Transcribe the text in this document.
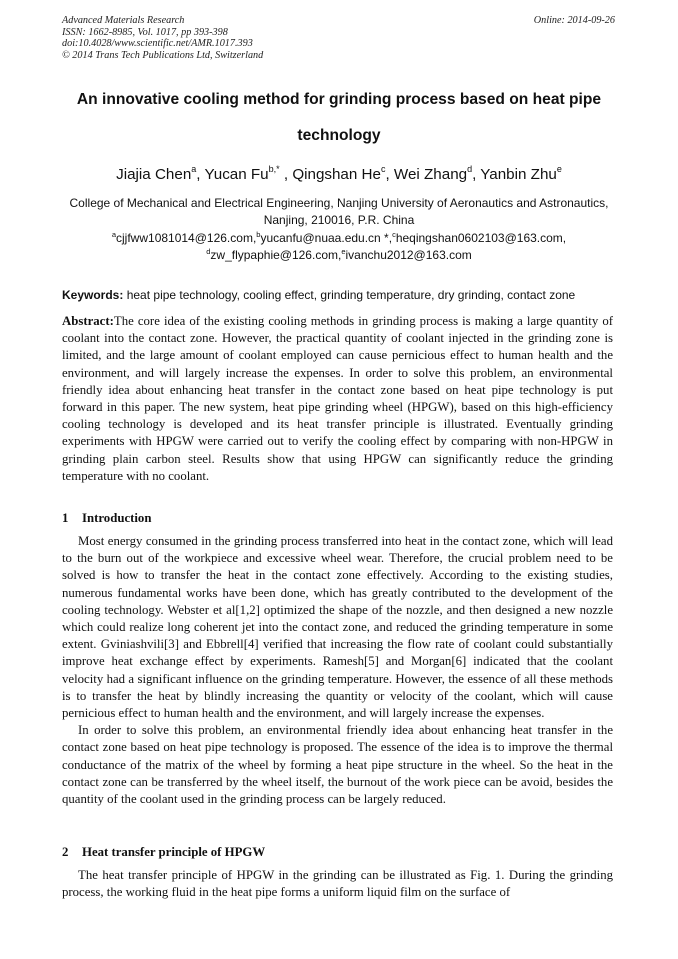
Advanced Materials Research
ISSN: 1662-8985, Vol. 1017, pp 393-398
doi:10.4028/www.scientific.net/AMR.1017.393
© 2014 Trans Tech Publications Ltd, Switzerland
Online: 2014-09-26
An innovative cooling method for grinding process based on heat pipe
technology
Jiajia Chen$^a$, Yucan $Fu^{b,*}$ , Qingshan He$^c$, Wei Zhang$^d$, Yanbin Zhu$^e$
College of Mechanical and Electrical Engineering, Nanjing University of Aeronautics and Astronautics, Nanjing, 210016, P.R. China
$^a$cjjfww1081014@126.com,$^b$yucanfu@nuaa.edu.cn *,$^c$heqingshan0602103@163.com,
$^d$zw_flypaphie@126.com,$^e$ivanchu2012@163.com
Keywords: heat pipe technology, cooling effect, grinding temperature, dry grinding, contact zone

Abstract:The core idea of the existing cooling methods in grinding process is making a large quantity of coolant into the contact zone. However, the practical quantity of coolant injected in the grinding zone is limited, and the large amount of coolant employed can cause pernicious effect to human health and the environment, and will largely increase the expenses. In order to solve this problem, an environmental friendly idea about enhancing heat transfer in the contact zone based on heat pipe technology is put forward in this paper. The new system, heat pipe grinding wheel (HPGW), based on this high-efficiency cooling technology is developed and its heat transfer principle is illustrated. Eventually grinding experiments with HPGW were carried out to verify the cooling effect by comparing with non-HPGW in grinding plain carbon steel. Results show that using HPGW can significantly reduce the grinding temperature with no coolant.

1 Introduction

Most energy consumed in the grinding process transferred into heat in the contact zone, which will lead to the burn out of the workpiece and excessive wheel wear. Therefore, the crucial problem need to be solved is how to transfer the heat in the contact zone effectively. According to the existing studies, numerous fundamental works have been done, which has greatly contributed to the development of the cooling technology. Webster et al[1,2] optimized the shape of the nozzle, and then designed a new nozzle which could realize long coherent jet into the contact zone, and reduced the grinding temperature in some extent. Gviniashvili[3] and Ebbrell[4] verified that increasing the flow rate of coolant could substantially improve heat exchange effect by experiments. Ramesh[5] and Morgan[6] indicated that the coolant velocity had a significant influence on the grinding temperature. However, the essence of all these methods is to transfer the heat by blindly increasing the quantity or velocity of the coolant, which will cause pernicious effect to human health and the environment, and will largely increase the expenses.

In order to solve this problem, an environmental friendly idea about enhancing heat transfer in the contact zone based on heat pipe technology is proposed. The essence of the idea is to improve the thermal conductance of the matrix of the wheel by forming a heat pipe structure in the wheel. So the heat in the contact zone can be transferred by the wheel itself, the burnout of the work piece can be avoid, besides the quantity of the coolant used in the grinding process can be largely reduced.

2 Heat transfer principle of HPGW

The heat transfer principle of HPGW in the grinding can be illustrated as Fig. 1. During the grinding process, the working fluid in the heat pipe forms a uniform liquid film on the surface of
